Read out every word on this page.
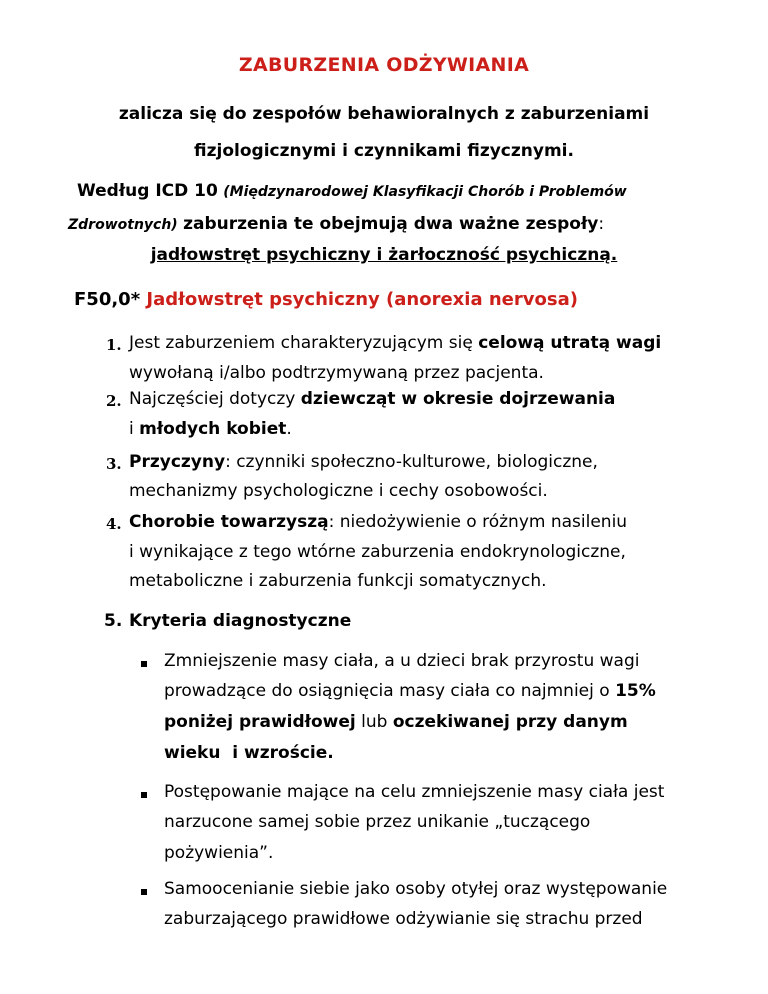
ZABURZENIA ODŻYWIANIA
zalicza się do zespołów behawioralnych z zaburzeniami
fizjologicznymi i czynnikami fizycznymi.
Według ICD 10 (Międzynarodowej Klasyfikacji Chorób i Problemów
Zdrowotnych) zaburzenia te obejmują dwa ważne zespoły:
jadłowstręt psychiczny i żarłoczność psychiczną.
F50,0* Jadłowstręt psychiczny (anorexia nervosa)
1. Jest zaburzeniem charakteryzującym się celową utratą wagi
wywołaną i/albo podtrzymywaną przez pacjenta.
2. Najczęściej dotyczy dziewcząt w okresie dojrzewania
i młodych kobiet.
3. Przyczyny: czynniki społeczno-kulturowe, biologiczne,
mechanizmy psychologiczne i cechy osobowości.
4. Chorobie towarzyszą: niedożywienie o różnym nasileniu
i wynikające z tego wtórne zaburzenia endokrynologiczne,
metaboliczne i zaburzenia funkcji somatycznych.
5. Kryteria diagnostyczne
Zmniejszenie masy ciała, a u dzieci brak przyrostu wagi
prowadzące do osiągnięcia masy ciała co najmniej o 15%
poniżej prawidłowej lub oczekiwanej przy danym
wieku  i wzroście.
Postępowanie mające na celu zmniejszenie masy ciała jest
narzucone samej sobie przez unikanie „tuczącego
pożywienia”.
Samoocenianie siebie jako osoby otyłej oraz występowanie
zaburzającego prawidłowe odżywianie się strachu przed
